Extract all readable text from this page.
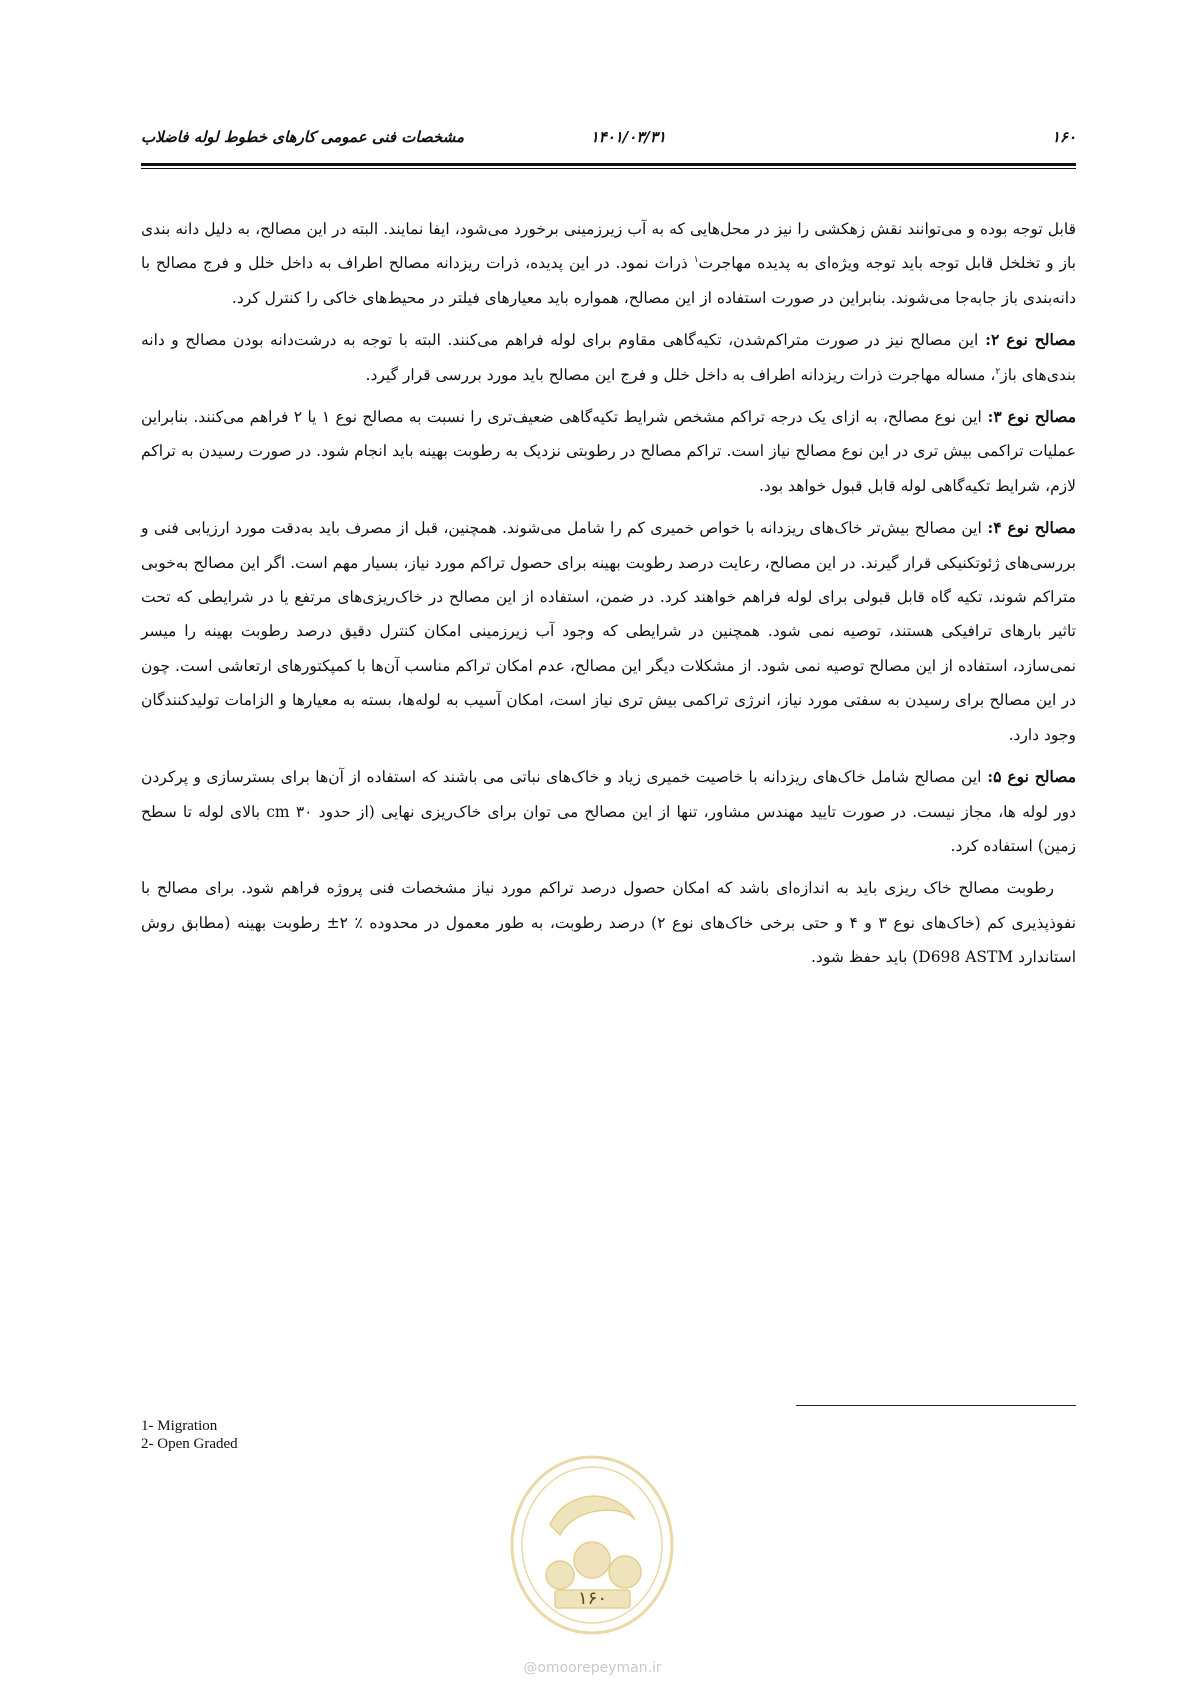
۱۶۰
۱۴۰۱/۰۳/۳۱
مشخصات فنی عمومی کارهای خطوط لوله فاضلاب

قابل توجه بوده و می‌توانند نقش زهکشی را نیز در محل‌هایی که به آب زیرزمینی برخورد می‌شود، ایفا نمایند. البته در این مصالح، به دلیل دانه بندی باز و تخلخل قابل توجه باید توجه ویژه‌ای به پدیده مهاجرت$^۱$ ذرات نمود. در این پدیده، ذرات ریزدانه مصالح اطراف به داخل خلل و فرج مصالح با دانه‌بندی باز جابه‌جا می‌شوند. بنابراین در صورت استفاده از این مصالح، همواره باید معیارهای فیلتر در محیط‌های خاکی را کنترل کرد.

مصالح نوع ۲: این مصالح نیز در صورت متراکم‌شدن، تکیه‌گاهی مقاوم برای لوله فراهم می‌کنند. البته با توجه به درشت‌دانه بودن مصالح و دانه بندی‌های باز$^۲$، مساله مهاجرت ذرات ریزدانه اطراف به داخل خلل و فرج این مصالح باید مورد بررسی قرار گیرد.

مصالح نوع ۳: این نوع مصالح، به ازای یک درجه تراکم مشخص شرایط تکیه‌گاهی ضعیف‌تری را نسبت به مصالح نوع ۱ یا ۲ فراهم می‌کنند. بنابراین عملیات تراکمی بیش تری در این نوع مصالح نیاز است. تراکم مصالح در رطوبتی نزدیک به رطوبت بهینه باید انجام شود. در صورت رسیدن به تراکم لازم، شرایط تکیه‌گاهی لوله قابل قبول خواهد بود.

مصالح نوع ۴: این مصالح بیش‌تر خاک‌های ریزدانه با خواص خمیری کم را شامل می‌شوند. همچنین، قبل از مصرف باید به‌دقت مورد ارزیابی فنی و بررسی‌های ژئوتکنیکی قرار گیرند. در این مصالح، رعایت درصد رطوبت بهینه برای حصول تراکم مورد نیاز، بسیار مهم است. اگر این مصالح به‌خوبی متراکم شوند، تکیه گاه قابل قبولی برای لوله فراهم خواهند کرد. در ضمن، استفاده از این مصالح در خاک‌ریزی‌های مرتفع یا در شرایطی که تحت تاثیر بارهای ترافیکی هستند، توصیه نمی شود. همچنین در شرایطی که وجود آب زیرزمینی امکان کنترل دقیق درصد رطوبت بهینه را میسر نمی‌سازد، استفاده از این مصالح توصیه نمی شود. از مشکلات دیگر این مصالح، عدم امکان تراکم مناسب آن‌ها با کمپکتورهای ارتعاشی است. چون در این مصالح برای رسیدن به سفتی مورد نیاز، انرژی تراکمی بیش تری نیاز است، امکان آسیب به لوله‌ها، بسته به معیارها و الزامات تولیدکنندگان وجود دارد.

مصالح نوع ۵: این مصالح شامل خاک‌های ریزدانه با خاصیت خمیری زیاد و خاک‌های نباتی می باشند که استفاده از آن‌ها برای بسترسازی و پرکردن دور لوله ها، مجاز نیست. در صورت تایید مهندس مشاور، تنها از این مصالح می توان برای خاک‌ریزی نهایی (از حدود ۳۰ cm بالای لوله تا سطح زمین) استفاده کرد.

رطوبت مصالح خاک ریزی باید به اندازه‌ای باشد که امکان حصول درصد تراکم مورد نیاز مشخصات فنی پروژه فراهم شود. برای مصالح با نفوذپذیری کم (خاک‌های نوع ۳ و ۴ و حتی برخی خاک‌های نوع ۲) درصد رطوبت، به طور معمول در محدوده ٪ ۲± رطوبت بهینه (مطابق روش استاندارد D698 ASTM) باید حفظ شود.

1- Migration
2- Open Graded
۱۶۰
@omoorepeyman.ir
